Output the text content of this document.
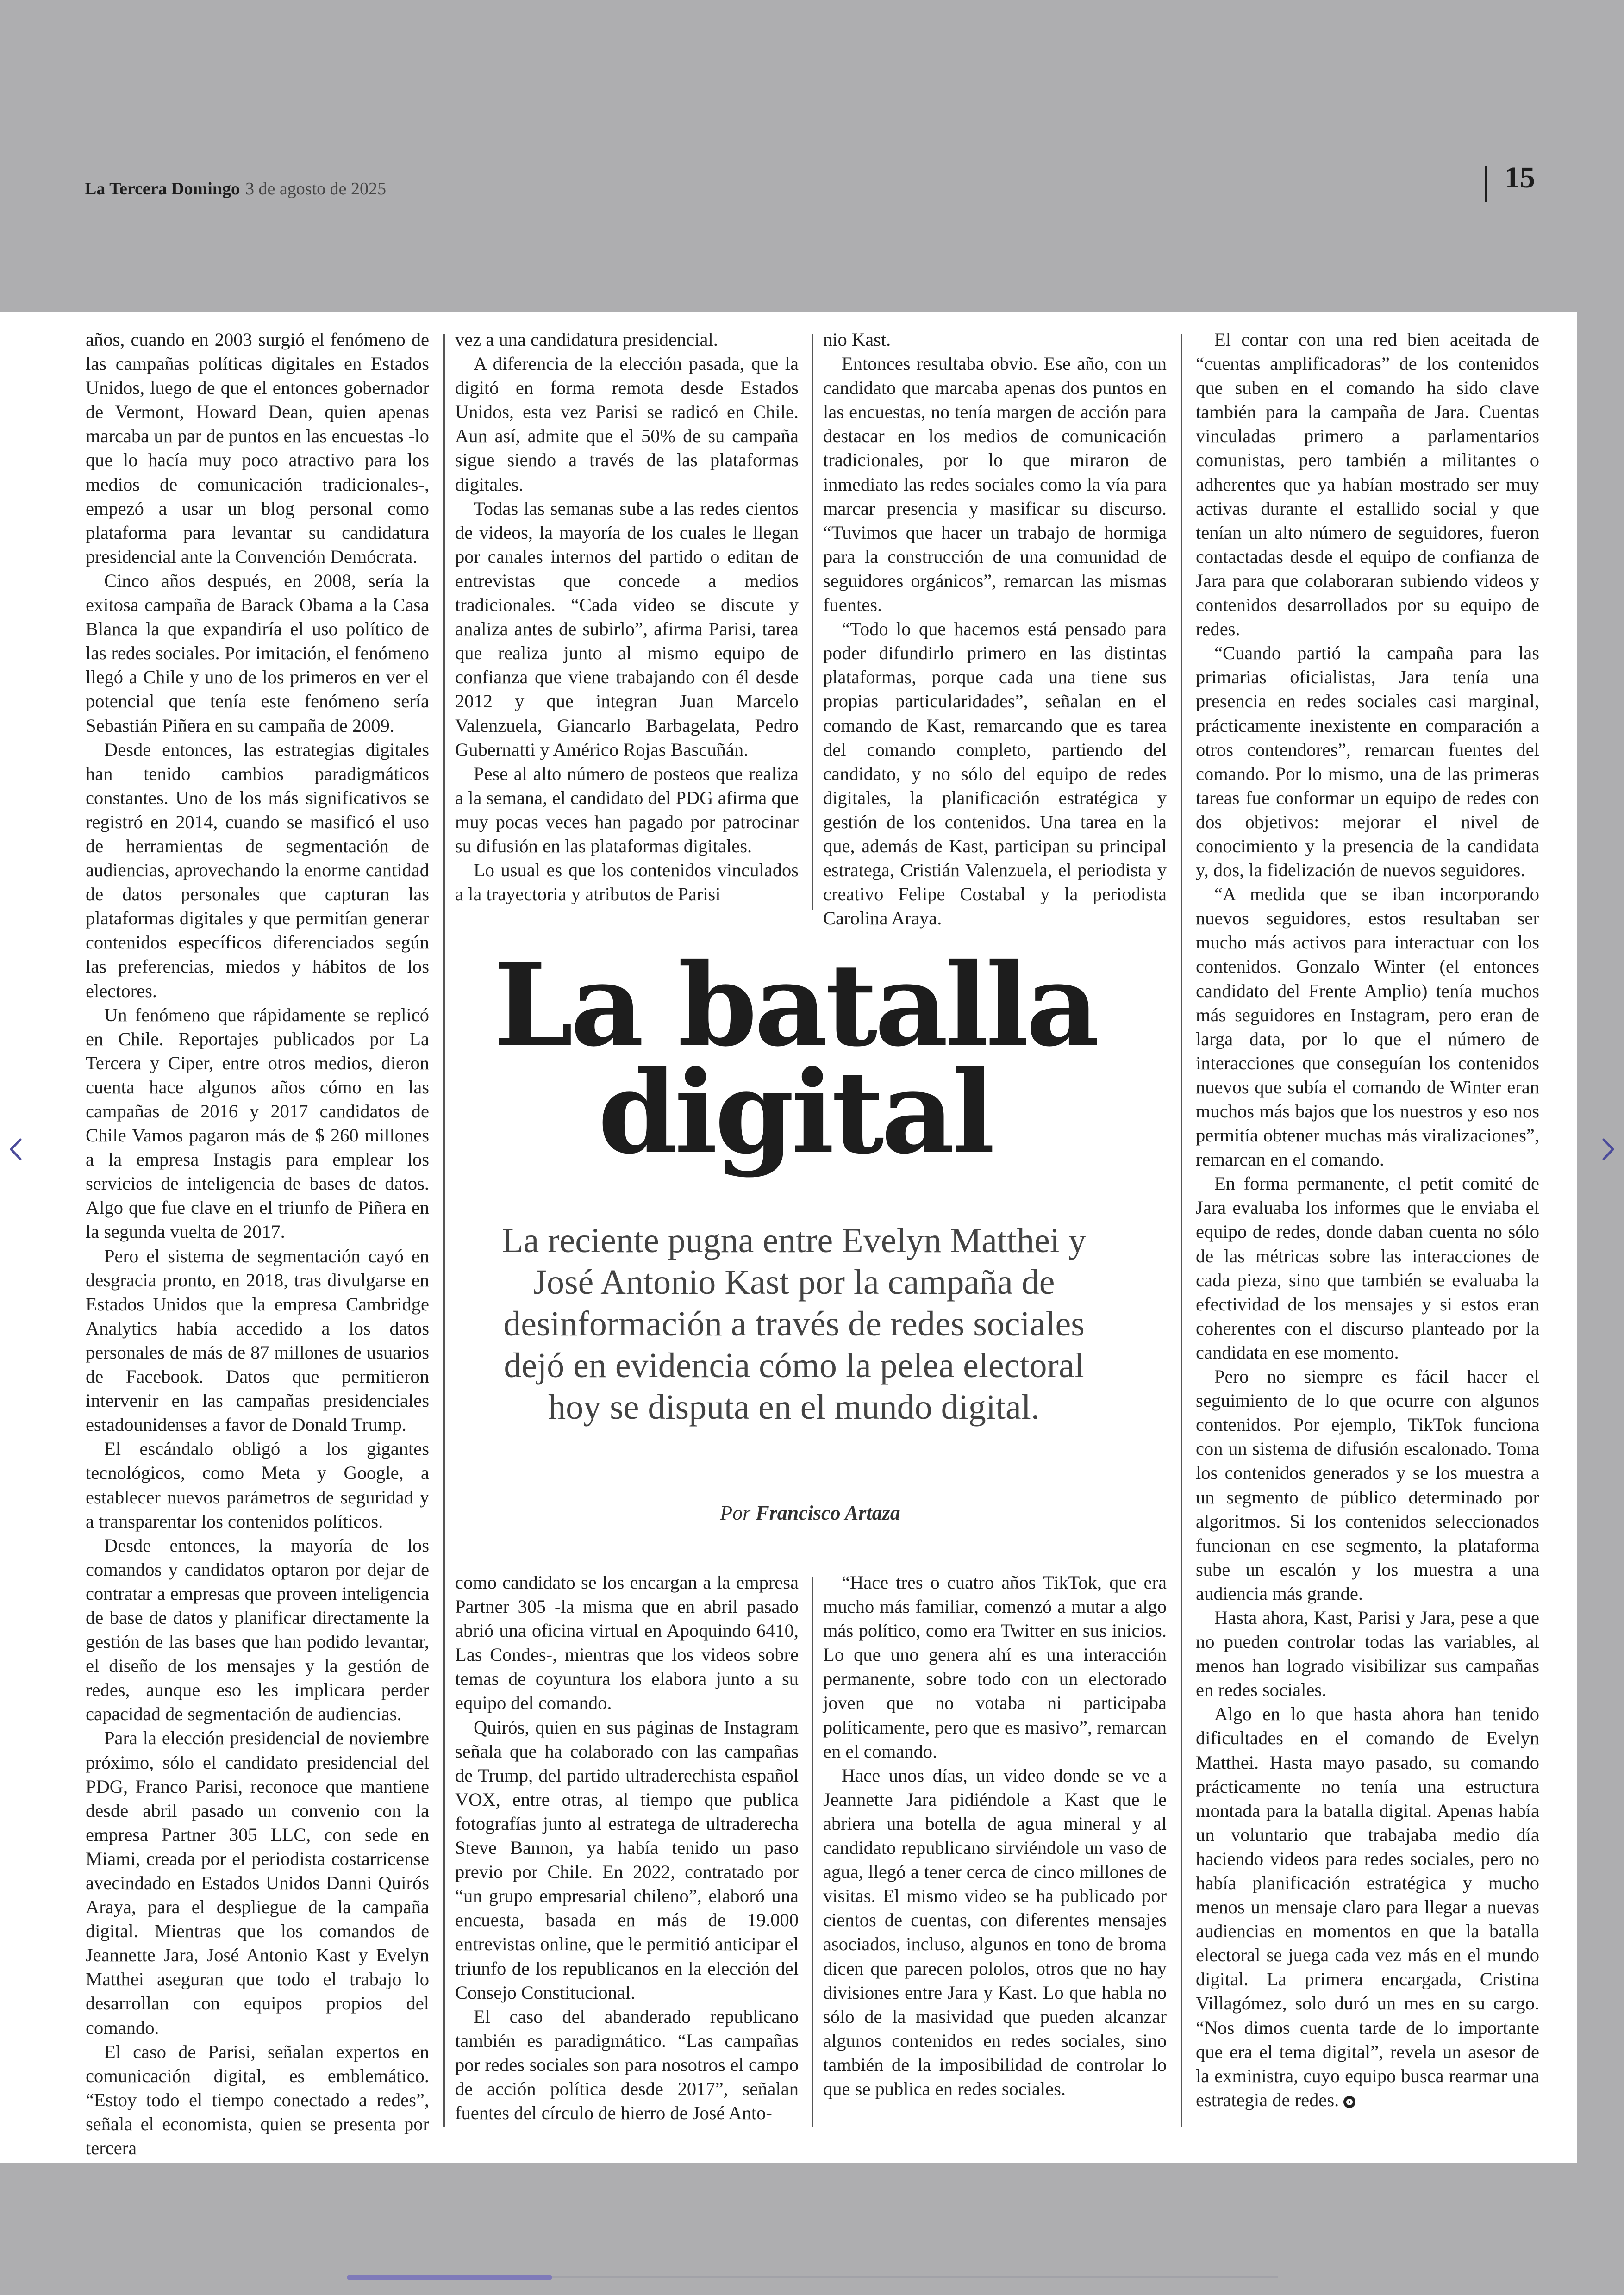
La Tercera Domingo 3 de agosto de 2025	15

años, cuando en 2003 surgió el fenómeno de las campañas políticas digitales en Estados Unidos, luego de que el entonces gobernador de Vermont, Howard Dean, quien apenas marcaba un par de puntos en las encuestas -lo que lo hacía muy poco atractivo para los medios de comunicación tradicionales-, empezó a usar un blog personal como plataforma para levantar su candidatura presidencial ante la Convención Demócrata.

Cinco años después, en 2008, sería la exitosa campaña de Barack Obama a la Casa Blanca la que expandiría el uso político de las redes sociales. Por imitación, el fenómeno llegó a Chile y uno de los primeros en ver el potencial que tenía este fenómeno sería Sebastián Piñera en su campaña de 2009.

Desde entonces, las estrategias digitales han tenido cambios paradigmáticos constantes. Uno de los más significativos se registró en 2014, cuando se masificó el uso de herramientas de segmentación de audiencias, aprovechando la enorme cantidad de datos personales que capturan las plataformas digitales y que permitían generar contenidos específicos diferenciados según las preferencias, miedos y hábitos de los electores.

Un fenómeno que rápidamente se replicó en Chile. Reportajes publicados por La Tercera y Ciper, entre otros medios, dieron cuenta hace algunos años cómo en las campañas de 2016 y 2017 candidatos de Chile Vamos pagaron más de $ 260 millones a la empresa Instagis para emplear los servicios de inteligencia de bases de datos. Algo que fue clave en el triunfo de Piñera en la segunda vuelta de 2017.

Pero el sistema de segmentación cayó en desgracia pronto, en 2018, tras divulgarse en Estados Unidos que la empresa Cambridge Analytics había accedido a los datos personales de más de 87 millones de usuarios de Facebook. Datos que permitieron intervenir en las campañas presidenciales estadounidenses a favor de Donald Trump.

El escándalo obligó a los gigantes tecnológicos, como Meta y Google, a establecer nuevos parámetros de seguridad y a transparentar los contenidos políticos.

Desde entonces, la mayoría de los comandos y candidatos optaron por dejar de contratar a empresas que proveen inteligencia de base de datos y planificar directamente la gestión de las bases que han podido levantar, el diseño de los mensajes y la gestión de redes, aunque eso les implicara perder capacidad de segmentación de audiencias.

Para la elección presidencial de noviembre próximo, sólo el candidato presidencial del PDG, Franco Parisi, reconoce que mantiene desde abril pasado un convenio con la empresa Partner 305 LLC, con sede en Miami, creada por el periodista costarricense avecindado en Estados Unidos Danni Quirós Araya, para el despliegue de la campaña digital. Mientras que los comandos de Jeannette Jara, José Antonio Kast y Evelyn Matthei aseguran que todo el trabajo lo desarrollan con equipos propios del comando.

El caso de Parisi, señalan expertos en comunicación digital, es emblemático. “Estoy todo el tiempo conectado a redes”, señala el economista, quien se presenta por tercera

vez a una candidatura presidencial.

A diferencia de la elección pasada, que la digitó en forma remota desde Estados Unidos, esta vez Parisi se radicó en Chile. Aun así, admite que el 50% de su campaña sigue siendo a través de las plataformas digitales.

Todas las semanas sube a las redes cientos de videos, la mayoría de los cuales le llegan por canales internos del partido o editan de entrevistas que concede a medios tradicionales. “Cada video se discute y analiza antes de subirlo”, afirma Parisi, tarea que realiza junto al mismo equipo de confianza que viene trabajando con él desde 2012 y que integran Juan Marcelo Valenzuela, Giancarlo Barbagelata, Pedro Gubernatti y Américo Rojas Bascuñán.

Pese al alto número de posteos que realiza a la semana, el candidato del PDG afirma que muy pocas veces han pagado por patrocinar su difusión en las plataformas digitales.

Lo usual es que los contenidos vinculados a la trayectoria y atributos de Parisi

nio Kast.

Entonces resultaba obvio. Ese año, con un candidato que marcaba apenas dos puntos en las encuestas, no tenía margen de acción para destacar en los medios de comunicación tradicionales, por lo que miraron de inmediato las redes sociales como la vía para marcar presencia y masificar su discurso. “Tuvimos que hacer un trabajo de hormiga para la construcción de una comunidad de seguidores orgánicos”, remarcan las mismas fuentes.

“Todo lo que hacemos está pensado para poder difundirlo primero en las distintas plataformas, porque cada una tiene sus propias particularidades”, señalan en el comando de Kast, remarcando que es tarea del comando completo, partiendo del candidato, y no sólo del equipo de redes digitales, la planificación estratégica y gestión de los contenidos. Una tarea en la que, además de Kast, participan su principal estratega, Cristián Valenzuela, el periodista y creativo Felipe Costabal y la periodista Carolina Araya.

El contar con una red bien aceitada de “cuentas amplificadoras” de los contenidos que suben en el comando ha sido clave también para la campaña de Jara. Cuentas vinculadas primero a parlamentarios comunistas, pero también a militantes o adherentes que ya habían mostrado ser muy activas durante el estallido social y que tenían un alto número de seguidores, fueron contactadas desde el equipo de confianza de Jara para que colaboraran subiendo videos y contenidos desarrollados por su equipo de redes.

“Cuando partió la campaña para las primarias oficialistas, Jara tenía una presencia en redes sociales casi marginal, prácticamente inexistente en comparación a otros contendores”, remarcan fuentes del comando. Por lo mismo, una de las primeras tareas fue conformar un equipo de redes con dos objetivos: mejorar el nivel de conocimiento y la presencia de la candidata y, dos, la fidelización de nuevos seguidores.

“A medida que se iban incorporando nuevos seguidores, estos resultaban ser mucho más activos para interactuar con los contenidos. Gonzalo Winter (el entonces candidato del Frente Amplio) tenía muchos más seguidores en Instagram, pero eran de larga data, por lo que el número de interacciones que conseguían los contenidos nuevos que subía el comando de Winter eran muchos más bajos que los nuestros y eso nos permitía obtener muchas más viralizaciones”, remarcan en el comando.

En forma permanente, el petit comité de Jara evaluaba los informes que le enviaba el equipo de redes, donde daban cuenta no sólo de las métricas sobre las interacciones de cada pieza, sino que también se evaluaba la efectividad de los mensajes y si estos eran coherentes con el discurso planteado por la candidata en ese momento.

Pero no siempre es fácil hacer el seguimiento de lo que ocurre con algunos contenidos. Por ejemplo, TikTok funciona con un sistema de difusión escalonado. Toma los contenidos generados y se los muestra a un segmento de público determinado por algoritmos. Si los contenidos seleccionados funcionan en ese segmento, la plataforma sube un escalón y los muestra a una audiencia más grande.

Hasta ahora, Kast, Parisi y Jara, pese a que no pueden controlar todas las variables, al menos han logrado visibilizar sus campañas en redes sociales.

Algo en lo que hasta ahora han tenido dificultades en el comando de Evelyn Matthei. Hasta mayo pasado, su comando prácticamente no tenía una estructura montada para la batalla digital. Apenas había un voluntario que trabajaba medio día haciendo videos para redes sociales, pero no había planificación estratégica y mucho menos un mensaje claro para llegar a nuevas audiencias en momentos en que la batalla electoral se juega cada vez más en el mundo digital. La primera encargada, Cristina Villagómez, solo duró un mes en su cargo. “Nos dimos cuenta tarde de lo importante que era el tema digital”, revela un asesor de la exministra, cuyo equipo busca rearmar una estrategia de redes.

La batalla
digital

La reciente pugna entre Evelyn Matthei y José Antonio Kast por la campaña de desinformación a través de redes sociales dejó en evidencia cómo la pelea electoral hoy se disputa en el mundo digital.

Por Francisco Artaza

como candidato se los encargan a la empresa Partner 305 -la misma que en abril pasado abrió una oficina virtual en Apoquindo 6410, Las Condes-, mientras que los videos sobre temas de coyuntura los elabora junto a su equipo del comando.

Quirós, quien en sus páginas de Instagram señala que ha colaborado con las campañas de Trump, del partido ultraderechista español VOX, entre otras, al tiempo que publica fotografías junto al estratega de ultraderecha Steve Bannon, ya había tenido un paso previo por Chile. En 2022, contratado por “un grupo empresarial chileno”, elaboró una encuesta, basada en más de 19.000 entrevistas online, que le permitió anticipar el triunfo de los republicanos en la elección del Consejo Constitucional.

El caso del abanderado republicano también es paradigmático. “Las campañas por redes sociales son para nosotros el campo de acción política desde 2017”, señalan fuentes del círculo de hierro de José Anto-

“Hace tres o cuatro años TikTok, que era mucho más familiar, comenzó a mutar a algo más político, como era Twitter en sus inicios. Lo que uno genera ahí es una interacción permanente, sobre todo con un electorado joven que no votaba ni participaba políticamente, pero que es masivo”, remarcan en el comando.

Hace unos días, un video donde se ve a Jeannette Jara pidiéndole a Kast que le abriera una botella de agua mineral y al candidato republicano sirviéndole un vaso de agua, llegó a tener cerca de cinco millones de visitas. El mismo video se ha publicado por cientos de cuentas, con diferentes mensajes asociados, incluso, algunos en tono de broma dicen que parecen pololos, otros que no hay divisiones entre Jara y Kast. Lo que habla no sólo de la masividad que pueden alcanzar algunos contenidos en redes sociales, sino también de la imposibilidad de controlar lo que se publica en redes sociales.
